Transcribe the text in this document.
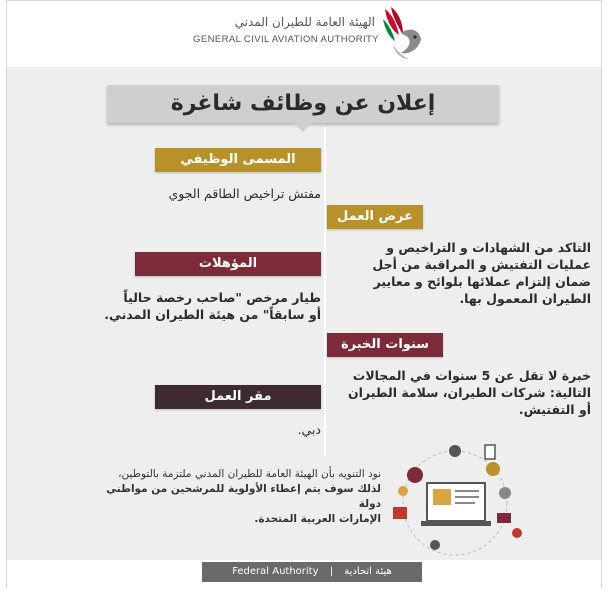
الهيئة العامة للطيران المدني
GENERAL CIVIL AVIATION AUTHORITY
إعلان عن وظائف شاغرة
المسمى الوظيفي
مفتش تراخيص الطاقم الجوي
عرض العمل
التاكد من الشهادات و التراخيص و
عمليات التفتيش و المراقبة من أجل
ضمان إلتزام عملائها بلوائح و معايير
الطيران المعمول بها.
المؤهلات
طيار مرخص "صاحب رخصة حالياً
أو سابقاً" من هيئة الطيران المدني.
سنوات الخبرة
خبرة لا تقل عن 5 سنوات في المجالات
التالية: شركات الطيران، سلامة الطيران
أو التفتيش.
مقر العمل
دبي.
نود التنويه بأن الهيئة العامة للطيران المدني ملتزمة بالتوطين،
لذلك سوف يتم إعطاء الأولوية للمرشحين من مواطني دولة
الإمارات العربية المتحدة.
Federal Authority | هيئة اتحادية
